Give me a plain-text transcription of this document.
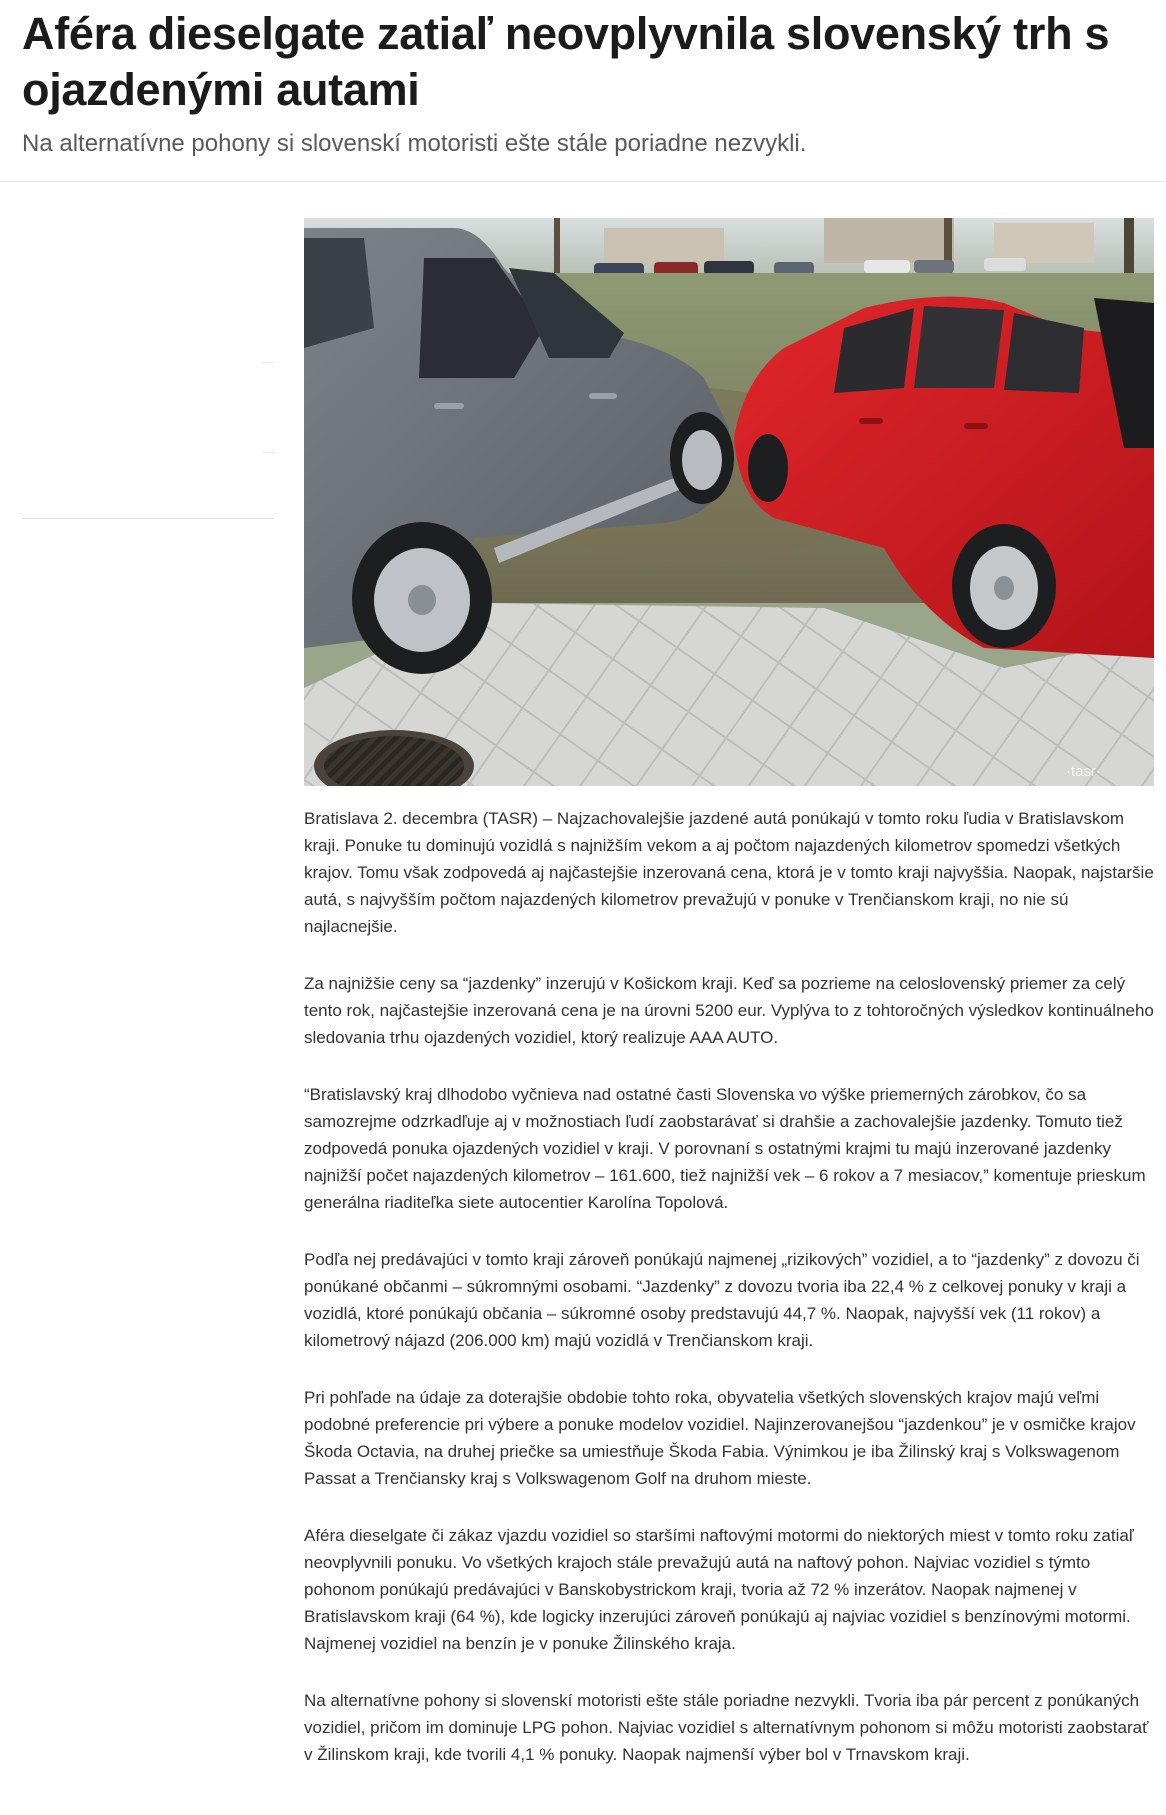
Aféra dieselgate zatiaľ neovplyvnila slovenský trh s ojazdenými autami

Na alternatívne pohony si slovenskí motoristi ešte stále poriadne nezvykli.

·tasr·

Bratislava 2. decembra (TASR) – Najzachovalejšie jazdené autá ponúkajú v tomto roku ľudia v Bratislavskom kraji. Ponuke tu dominujú vozidlá s najnižším vekom a aj počtom najazdených kilometrov spomedzi všetkých krajov. Tomu však zodpovedá aj najčastejšie inzerovaná cena, ktorá je v tomto kraji najvyššia. Naopak, najstaršie autá, s najvyšším počtom najazdených kilometrov prevažujú v ponuke v Trenčianskom kraji, no nie sú najlacnejšie.

Za najnižšie ceny sa “jazdenky” inzerujú v Košickom kraji. Keď sa pozrieme na celoslovenský priemer za celý tento rok, najčastejšie inzerovaná cena je na úrovni 5200 eur. Vyplýva to z tohtoročných výsledkov kontinuálneho sledovania trhu ojazdených vozidiel, ktorý realizuje AAA AUTO.

“Bratislavský kraj dlhodobo vyčnieva nad ostatné časti Slovenska vo výške priemerných zárobkov, čo sa samozrejme odzrkadľuje aj v možnostiach ľudí zaobstarávať si drahšie a zachovalejšie jazdenky. Tomuto tiež zodpovedá ponuka ojazdených vozidiel v kraji. V porovnaní s ostatnými krajmi tu majú inzerované jazdenky najnižší počet najazdených kilometrov – 161.600, tiež najnižší vek – 6 rokov a 7 mesiacov,” komentuje prieskum generálna riaditeľka siete autocentier Karolína Topolová.

Podľa nej predávajúci v tomto kraji zároveň ponúkajú najmenej „rizikových” vozidiel, a to “jazdenky” z dovozu či ponúkané občanmi – súkromnými osobami. “Jazdenky” z dovozu tvoria iba 22,4 % z celkovej ponuky v kraji a vozidlá, ktoré ponúkajú občania – súkromné osoby predstavujú 44,7 %. Naopak, najvyšší vek (11 rokov) a kilometrový nájazd (206.000 km) majú vozidlá v Trenčianskom kraji.

Pri pohľade na údaje za doterajšie obdobie tohto roka, obyvatelia všetkých slovenských krajov majú veľmi podobné preferencie pri výbere a ponuke modelov vozidiel. Najinzerovanejšou “jazdenkou” je v osmičke krajov Škoda Octavia, na druhej priečke sa umiestňuje Škoda Fabia. Výnimkou je iba Žilinský kraj s Volkswagenom Passat a Trenčiansky kraj s Volkswagenom Golf na druhom mieste.

Aféra dieselgate či zákaz vjazdu vozidiel so staršími naftovými motormi do niektorých miest v tomto roku zatiaľ neovplyvnili ponuku. Vo všetkých krajoch stále prevažujú autá na naftový pohon. Najviac vozidiel s týmto pohonom ponúkajú predávajúci v Banskobystrickom kraji, tvoria až 72 % inzerátov. Naopak najmenej v Bratislavskom kraji (64 %), kde logicky inzerujúci zároveň ponúkajú aj najviac vozidiel s benzínovými motormi. Najmenej vozidiel na benzín je v ponuke Žilinského kraja.

Na alternatívne pohony si slovenskí motoristi ešte stále poriadne nezvykli. Tvoria iba pár percent z ponúkaných vozidiel, pričom im dominuje LPG pohon. Najviac vozidiel s alternatívnym pohonom si môžu motoristi zaobstarať v Žilinskom kraji, kde tvorili 4,1 % ponuky. Naopak najmenší výber bol v Trnavskom kraji.
